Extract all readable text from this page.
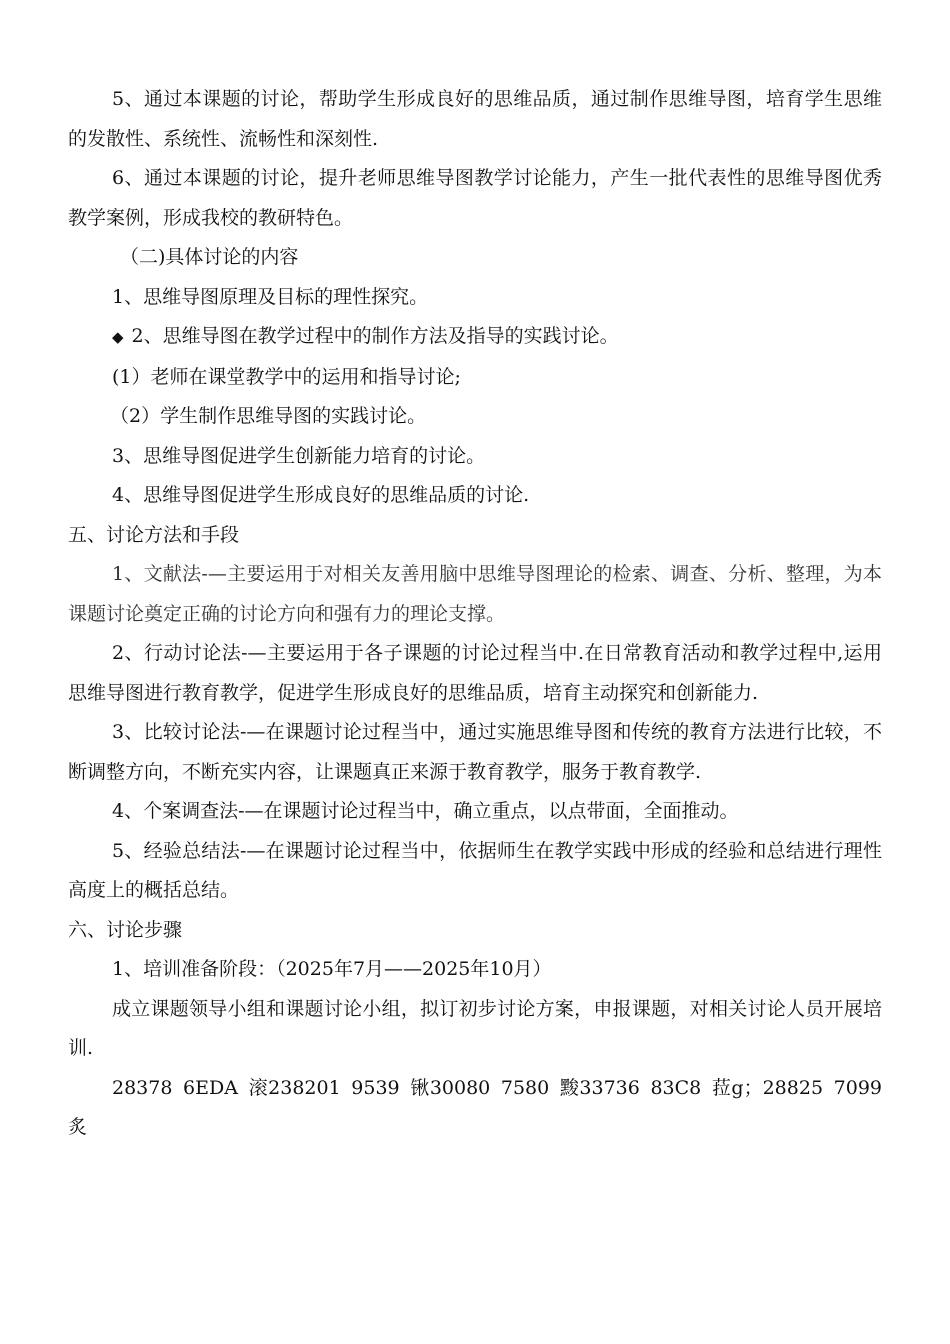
5、通过本课题的讨论，帮助学生形成良好的思维品质，通过制作思维导图，培育学生思维的发散性、系统性、流畅性和深刻性.

6、通过本课题的讨论，提升老师思维导图教学讨论能力，产生一批代表性的思维导图优秀教学案例，形成我校的教研特色。

（二)具体讨论的内容

1、思维导图原理及目标的理性探究。

◆ 2、思维导图在教学过程中的制作方法及指导的实践讨论。

(1）老师在课堂教学中的运用和指导讨论;

（2）学生制作思维导图的实践讨论。

3、思维导图促进学生创新能力培育的讨论。

4、思维导图促进学生形成良好的思维品质的讨论.

五、讨论方法和手段

1、文献法-—主要运用于对相关友善用脑中思维导图理论的检索、调查、分析、整理，为本课题讨论奠定正确的讨论方向和强有力的理论支撑。

2、行动讨论法-—主要运用于各子课题的讨论过程当中.在日常教育活动和教学过程中,运用思维导图进行教育教学，促进学生形成良好的思维品质，培育主动探究和创新能力.

3、比较讨论法-—在课题讨论过程当中，通过实施思维导图和传统的教育方法进行比较，不断调整方向，不断充实内容，让课题真正来源于教育教学，服务于教育教学.

4、个案调查法-—在课题讨论过程当中，确立重点，以点带面，全面推动。

5、经验总结法-—在课题讨论过程当中，依据师生在教学实践中形成的经验和总结进行理性高度上的概括总结。

六、讨论步骤

1、培训准备阶段：（2025年7月——2025年10月）

成立课题领导小组和课题讨论小组，拟订初步讨论方案，申报课题，对相关讨论人员开展培训.

28378 6EDA 滚238201 9539 锹30080 7580 黢33736 83C8 菈g；28825 7099 炙
